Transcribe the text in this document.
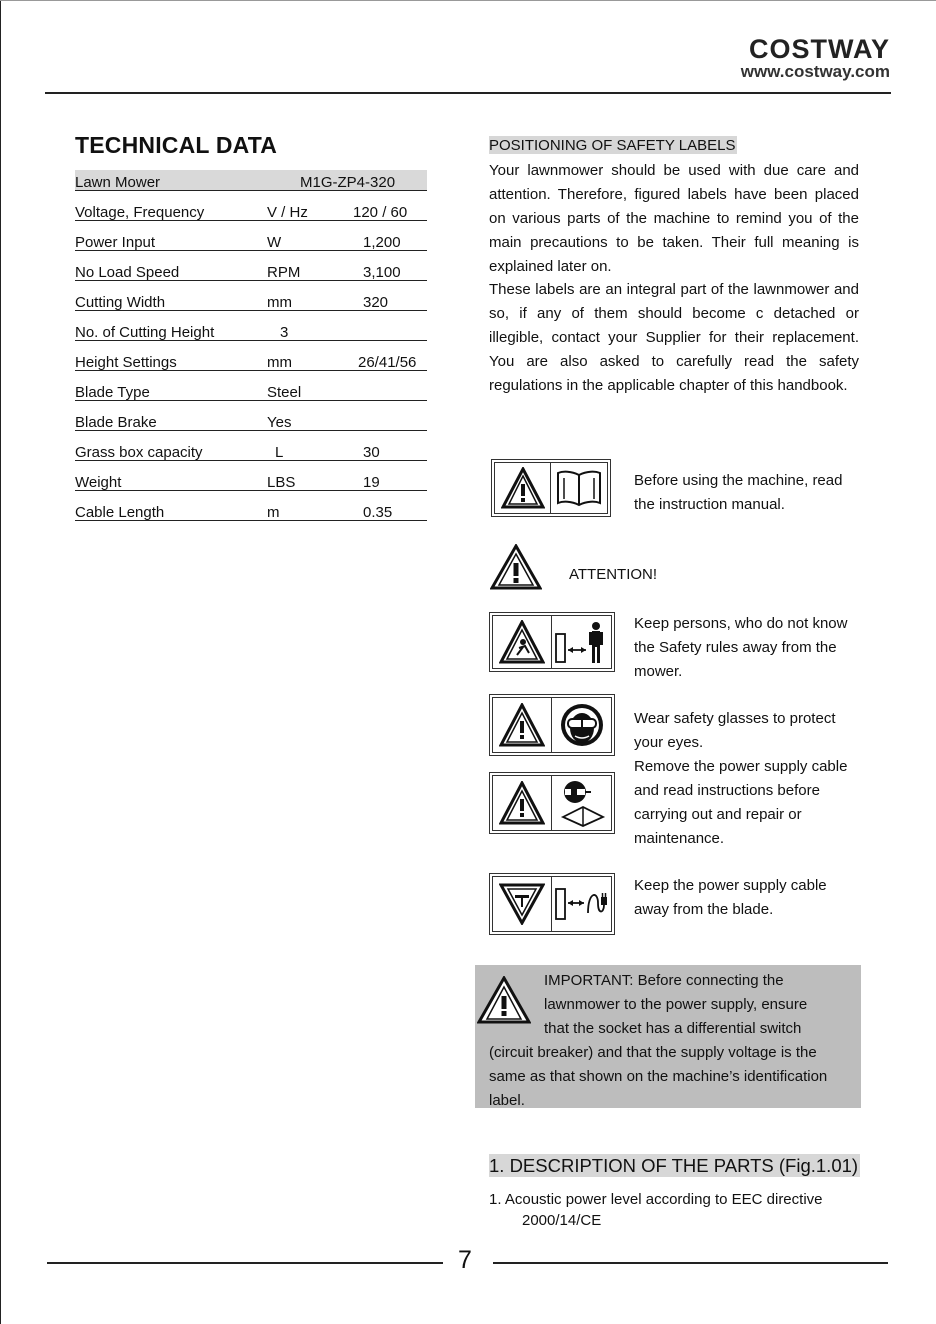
COSTWAY
www.costway.com
TECHNICAL DATA
Lawn Mower	M1G-ZP4-320
Voltage, Frequency	V / Hz	120 / 60
Power Input	W	1,200
No Load Speed	RPM	3,100
Cutting Width	mm	320
No. of Cutting Height	3
Height Settings	mm	26/41/56
Blade Type	Steel
Blade Brake	Yes
Grass box capacity	L	30
Weight	LBS	19
Cable Length	m	0.35
POSITIONING OF SAFETY LABELS
Your lawnmower should be used with due care and attention. Therefore, figured labels have been placed on various parts of the machine to remind you of the main precautions to be taken. Their full meaning is explained later on.
These labels are an integral part of the lawnmower and so, if any of them should become c detached or illegible, contact your Supplier for their replacement. You are also asked to carefully read the safety regulations in the applicable chapter of this handbook.
Before using the machine, read the instruction manual.
ATTENTION!
Keep persons, who do not know the Safety rules away from the mower.
Wear safety glasses to protect your eyes.
Remove the power supply cable and read instructions before carrying out and repair or maintenance.
Keep the power supply cable away from the blade.
IMPORTANT: Before connecting the
lawnmower to the power supply, ensure
that the socket has a differential switch
(circuit breaker) and that the supply voltage is the
same as that shown on the machine’s identification
label.
1. DESCRIPTION OF THE PARTS (Fig.1.01)
1. Acoustic power level according to EEC directive
2000/14/CE
7
